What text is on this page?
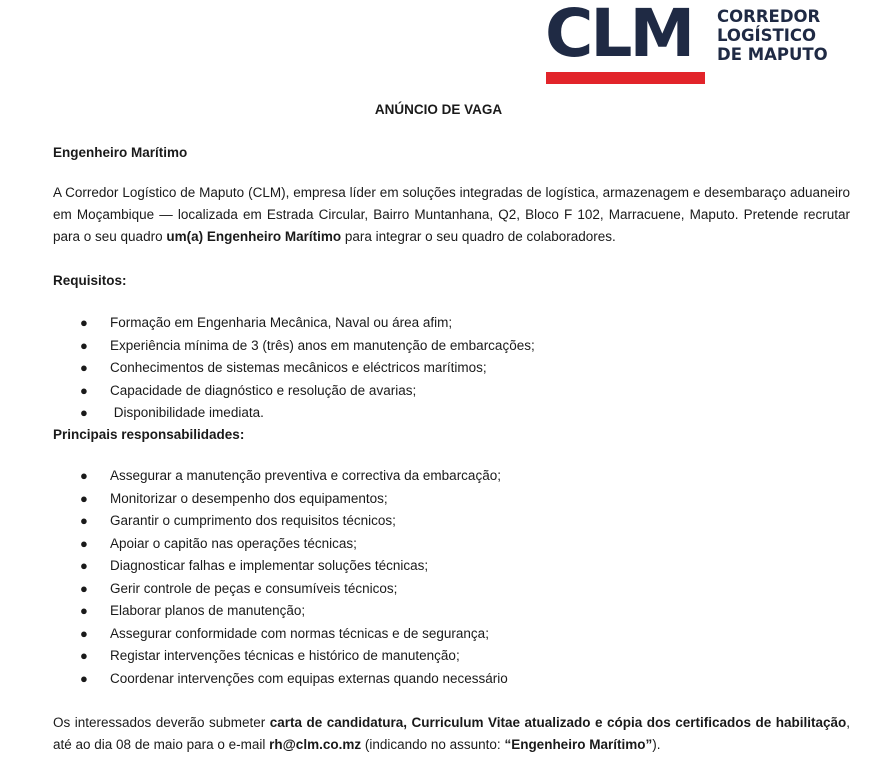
CLM CORREDOR
LOGÍSTICO
DE MAPUTO
ANÚNCIO DE VAGA
Engenheiro Marítimo
A Corredor Logístico de Maputo (CLM), empresa líder em soluções integradas de logística, armazenagem e desembaraço aduaneiro em Moçambique — localizada em Estrada Circular, Bairro Muntanhana, Q2, Bloco F 102, Marracuene, Maputo. Pretende recrutar para o seu quadro um(a) Engenheiro Marítimo para integrar o seu quadro de colaboradores.
Requisitos:
● Formação em Engenharia Mecânica, Naval ou área afim;
● Experiência mínima de 3 (três) anos em manutenção de embarcações;
● Conhecimentos de sistemas mecânicos e eléctricos marítimos;
● Capacidade de diagnóstico e resolução de avarias;
● Disponibilidade imediata.
Principais responsabilidades:
● Assegurar a manutenção preventiva e correctiva da embarcação;
● Monitorizar o desempenho dos equipamentos;
● Garantir o cumprimento dos requisitos técnicos;
● Apoiar o capitão nas operações técnicas;
● Diagnosticar falhas e implementar soluções técnicas;
● Gerir controle de peças e consumíveis técnicos;
● Elaborar planos de manutenção;
● Assegurar conformidade com normas técnicas e de segurança;
● Registar intervenções técnicas e histórico de manutenção;
● Coordenar intervenções com equipas externas quando necessário
Os interessados deverão submeter carta de candidatura, Curriculum Vitae atualizado e cópia dos certificados de habilitação, até ao dia 08 de maio para o e-mail rh@clm.co.mz (indicando no assunto: “Engenheiro Marítimo”).
